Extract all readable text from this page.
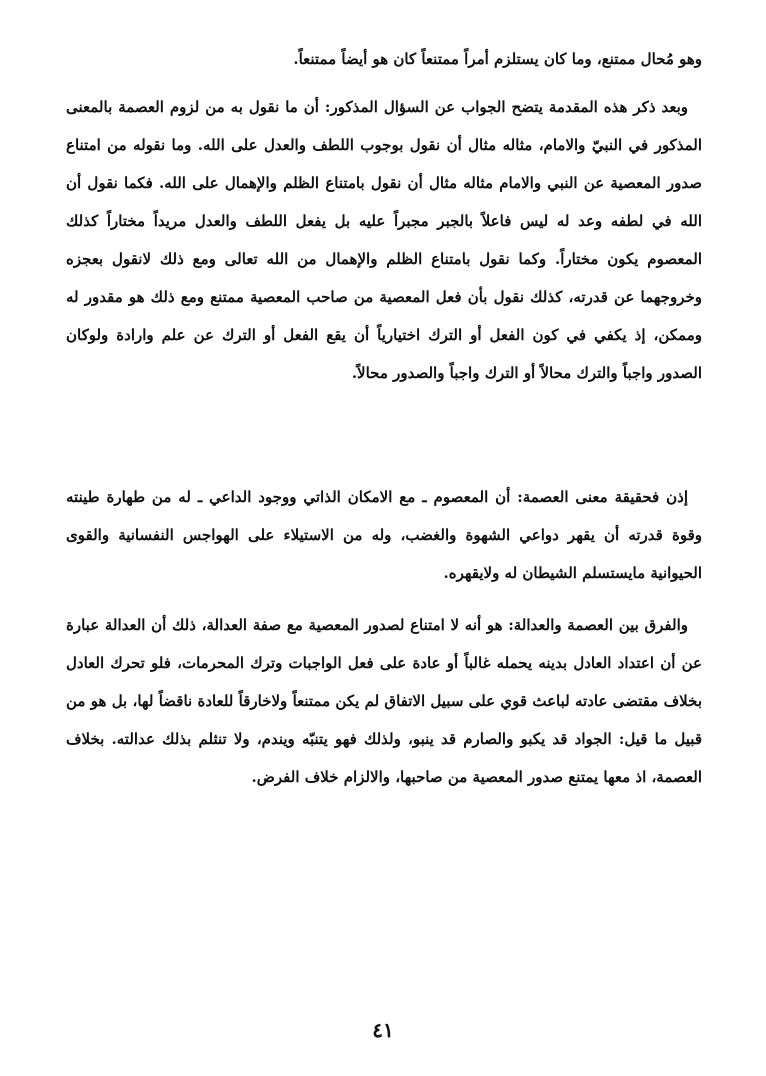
وهو مُحال ممتنع، وما كان يستلزم أمراً ممتنعاً كان هو أيضاً ممتنعاً.

وبعد ذكر هذه المقدمة يتضح الجواب عن السؤال المذكور: أن ما نقول به من لزوم العصمة بالمعنى المذكور في النبيّ والامام، مثاله مثال أن نقول بوجوب اللطف والعدل على الله. وما نقوله من امتناع صدور المعصية عن النبي والامام مثاله مثال أن نقول بامتناع الظلم والإهمال على الله. فكما نقول أن الله في لطفه وعد له ليس فاعلاً بالجبر مجبراً عليه بل يفعل اللطف والعدل مريداً مختاراً كذلك المعصوم يكون مختاراً. وكما نقول بامتناع الظلم والإهمال من الله تعالى ومع ذلك لانقول بعجزه وخروجهما عن قدرته، كذلك نقول بأن فعل المعصية من صاحب المعصية ممتنع ومع ذلك هو مقدور له وممكن، إذ يكفي في كون الفعل أو الترك اختيارياً أن يقع الفعل أو الترك عن علم وارادة ولوكان الصدور واجباً والترك محالاً أو الترك واجباً والصدور محالاً.

إذن فحقيقة معنى العصمة: أن المعصوم ـ مع الامكان الذاتي ووجود الداعي ـ له من طهارة طينته وقوة قدرته أن يقهر دواعي الشهوة والغضب، وله من الاستيلاء على الهواجس النفسانية والقوى الحيوانية مايستسلم الشيطان له ولايقهره.

والفرق بين العصمة والعدالة: هو أنه لا امتناع لصدور المعصية مع صفة العدالة، ذلك أن العدالة عبارة عن أن اعتداد العادل بدينه يحمله غالباً أو عادة على فعل الواجبات وترك المحرمات، فلو تحرك العادل بخلاف مقتضى عادته لباعث قوي على سبيل الاتفاق لم يكن ممتنعاً ولاخارقاً للعادة ناقضاً لها، بل هو من قبيل ما قيل: الجواد قد يكبو والصارم قد ينبو، ولذلك فهو يتنبّه ويندم، ولا تنثلم بذلك عدالته. بخلاف العصمة، اذ معها يمتنع صدور المعصية من صاحبها، والالزام خلاف الفرض.

٤١
